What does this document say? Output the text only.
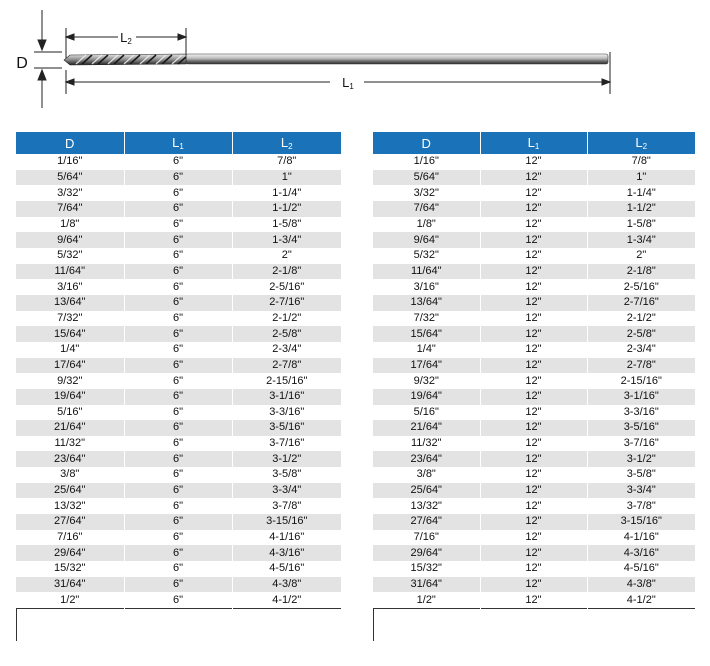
D
L2
L1
D	$L_1$	$L_2$
1/16"	6"	7/8"
5/64"	6"	1"
3/32"	6"	1-1/4"
7/64"	6"	1-1/2"
1/8"	6"	1-5/8"
9/64"	6"	1-3/4"
5/32"	6"	2"
11/64"	6"	2-1/8"
3/16"	6"	2-5/16"
13/64"	6"	2-7/16"
7/32"	6"	2-1/2"
15/64"	6"	2-5/8"
1/4"	6"	2-3/4"
17/64"	6"	2-7/8"
9/32"	6"	2-15/16"
19/64"	6"	3-1/16"
5/16"	6"	3-3/16"
21/64"	6"	3-5/16"
11/32"	6"	3-7/16"
23/64"	6"	3-1/2"
3/8"	6"	3-5/8"
25/64"	6"	3-3/4"
13/32"	6"	3-7/8"
27/64"	6"	3-15/16"
7/16"	6"	4-1/16"
29/64"	6"	4-3/16"
15/32"	6"	4-5/16"
31/64"	6"	4-3/8"
1/2"	6"	4-1/2"
D	$L_1$	$L_2$
1/16"	12"	7/8"
5/64"	12"	1"
3/32"	12"	1-1/4"
7/64"	12"	1-1/2"
1/8"	12"	1-5/8"
9/64"	12"	1-3/4"
5/32"	12"	2"
11/64"	12"	2-1/8"
3/16"	12"	2-5/16"
13/64"	12"	2-7/16"
7/32"	12"	2-1/2"
15/64"	12"	2-5/8"
1/4"	12"	2-3/4"
17/64"	12"	2-7/8"
9/32"	12"	2-15/16"
19/64"	12"	3-1/16"
5/16"	12"	3-3/16"
21/64"	12"	3-5/16"
11/32"	12"	3-7/16"
23/64"	12"	3-1/2"
3/8"	12"	3-5/8"
25/64"	12"	3-3/4"
13/32"	12"	3-7/8"
27/64"	12"	3-15/16"
7/16"	12"	4-1/16"
29/64"	12"	4-3/16"
15/32"	12"	4-5/16"
31/64"	12"	4-3/8"
1/2"	12"	4-1/2"
